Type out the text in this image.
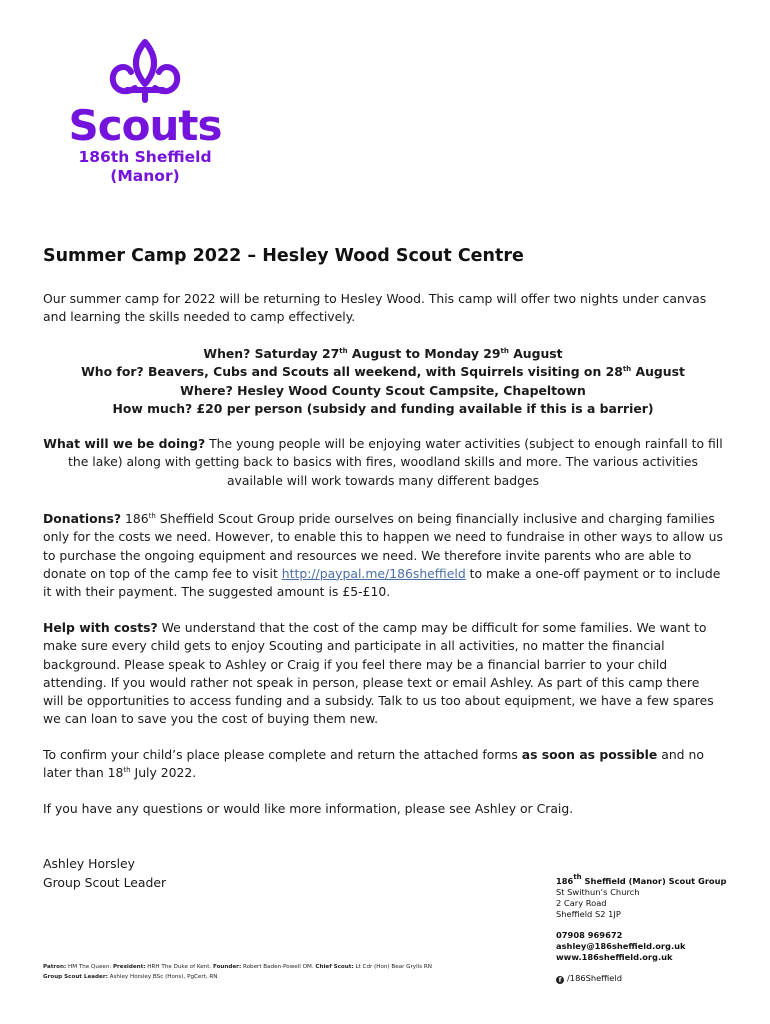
Scouts
186th Sheffield
(Manor)
Summer Camp 2022 – Hesley Wood Scout Centre

Our summer camp for 2022 will be returning to Hesley Wood. This camp will offer two nights under canvas and learning the skills needed to camp effectively.

When? Saturday 27th August to Monday 29th August
Who for? Beavers, Cubs and Scouts all weekend, with Squirrels visiting on 28th August
Where? Hesley Wood County Scout Campsite, Chapeltown
How much? £20 per person (subsidy and funding available if this is a barrier)

What will we be doing? The young people will be enjoying water activities (subject to enough rainfall to fill the lake) along with getting back to basics with fires, woodland skills and more. The various activities available will work towards many different badges

Donations? 186th Sheffield Scout Group pride ourselves on being financially inclusive and charging families only for the costs we need. However, to enable this to happen we need to fundraise in other ways to allow us to purchase the ongoing equipment and resources we need. We therefore invite parents who are able to donate on top of the camp fee to visit http://paypal.me/186sheffield to make a one-off payment or to include it with their payment. The suggested amount is £5-£10.

Help with costs? We understand that the cost of the camp may be difficult for some families. We want to make sure every child gets to enjoy Scouting and participate in all activities, no matter the financial background. Please speak to Ashley or Craig if you feel there may be a financial barrier to your child attending. If you would rather not speak in person, please text or email Ashley. As part of this camp there will be opportunities to access funding and a subsidy. Talk to us too about equipment, we have a few spares we can loan to save you the cost of buying them new.

To confirm your child’s place please complete and return the attached forms as soon as possible and no later than 18th July 2022.

If you have any questions or would like more information, please see Ashley or Craig.

Ashley Horsley
Group Scout Leader	186th Sheffield (Manor) Scout Group
St Swithun’s Church
2 Cary Road
Sheffield S2 1JP
07908 969672
ashley@186sheffield.org.uk
www.186sheffield.org.uk
f /186Sheffield
Patron: HM The Queen. President: HRH The Duke of Kent. Founder: Robert Baden-Powell OM. Chief Scout: Lt Cdr (Hon) Bear Grylls RN
Group Scout Leader: Ashley Horsley BSc (Hons), PgCert, RN
